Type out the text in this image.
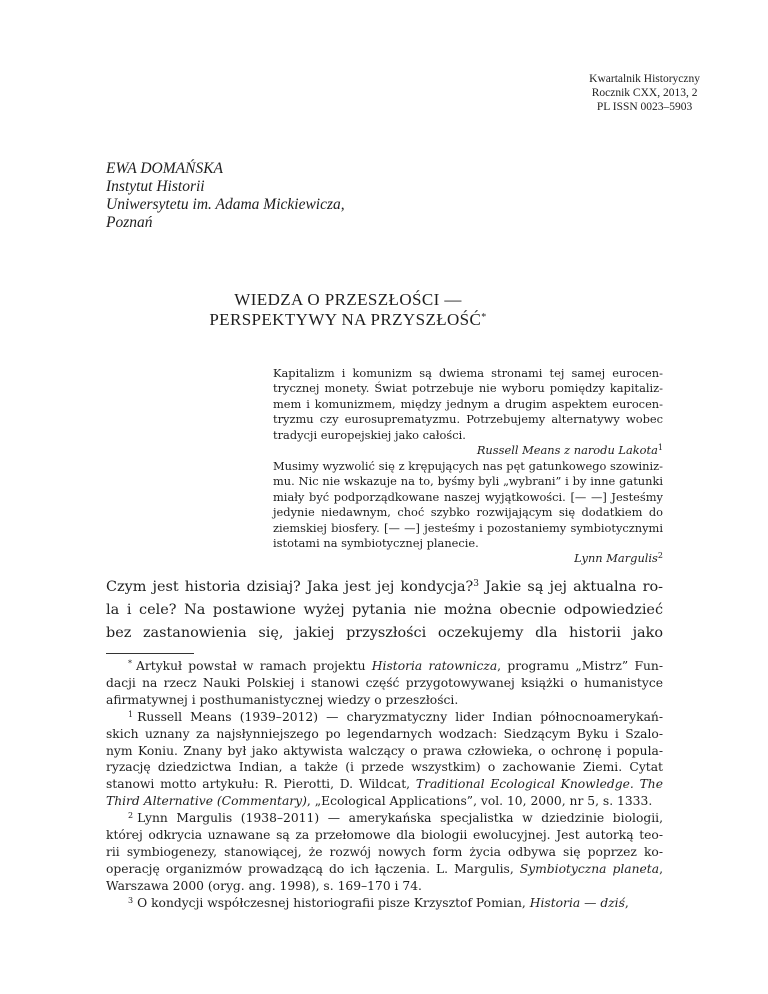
Kwartalnik Historyczny
Rocznik CXX, 2013, 2
PL ISSN 0023–5903
EWA DOMAŃSKA
Instytut Historii
Uniwersytetu im. Adama Mickiewicza,
Poznań
WIEDZA O PRZESZŁOŚCI —
PERSPEKTYWY NA PRZYSZŁOŚĆ*
Kapitalizm i komunizm są dwiema stronami tej samej eurocen-
trycznej monety. Świat potrzebuje nie wyboru pomiędzy kapitaliz-
mem i komunizmem, między jednym a drugim aspektem eurocen-
tryzmu czy eurosuprematyzmu. Potrzebujemy alternatywy wobec
tradycji europejskiej jako całości.
Russell Means z narodu Lakota$^1$
Musimy wyzwolić się z krępujących nas pęt gatunkowego szowiniz-
mu. Nic nie wskazuje na to, byśmy byli „wybrani” i by inne gatunki
miały być podporządkowane naszej wyjątkowości. [— —] Jesteśmy
jedynie niedawnym, choć szybko rozwijającym się dodatkiem do
ziemskiej biosfery. [— —] jesteśmy i pozostaniemy symbiotycznymi
istotami na symbiotycznej planecie.
Lynn Margulis$^2$
Czym jest historia dzisiaj? Jaka jest jej kondycja?$^3$ Jakie są jej aktualna ro-
la i cele? Na postawione wyżej pytania nie można obecnie odpowiedzieć
bez zastanowienia się, jakiej przyszłości oczekujemy dla historii jako
* Artykuł powstał w ramach projektu Historia ratownicza, programu „Mistrz” Fun-
dacji na rzecz Nauki Polskiej i stanowi część przygotowywanej książki o humanistyce
afirmatywnej i posthumanistycznej wiedzy o przeszłości.
$^1$ Russell Means (1939–2012) — charyzmatyczny lider Indian północnoamerykań-
skich uznany za najsłynniejszego po legendarnych wodzach: Siedzącym Byku i Szalo-
nym Koniu. Znany był jako aktywista walczący o prawa człowieka, o ochronę i popula-
ryzację dziedzictwa Indian, a także (i przede wszystkim) o zachowanie Ziemi. Cytat
stanowi motto artykułu: R. Pierotti, D. Wildcat, Traditional Ecological Knowledge. The
Third Alternative (Commentary), „Ecological Applications”, vol. 10, 2000, nr 5, s. 1333.
$^2$ Lynn Margulis (1938–2011) — amerykańska specjalistka w dziedzinie biologii,
której odkrycia uznawane są za przełomowe dla biologii ewolucyjnej. Jest autorką teo-
rii symbiogenezy, stanowiącej, że rozwój nowych form życia odbywa się poprzez ko-
operację organizmów prowadzącą do ich łączenia. L. Margulis, Symbiotyczna planeta,
Warszawa 2000 (oryg. ang. 1998), s. 169–170 i 74.
$^3$ O kondycji współczesnej historiografii pisze Krzysztof Pomian, Historia — dziś,
